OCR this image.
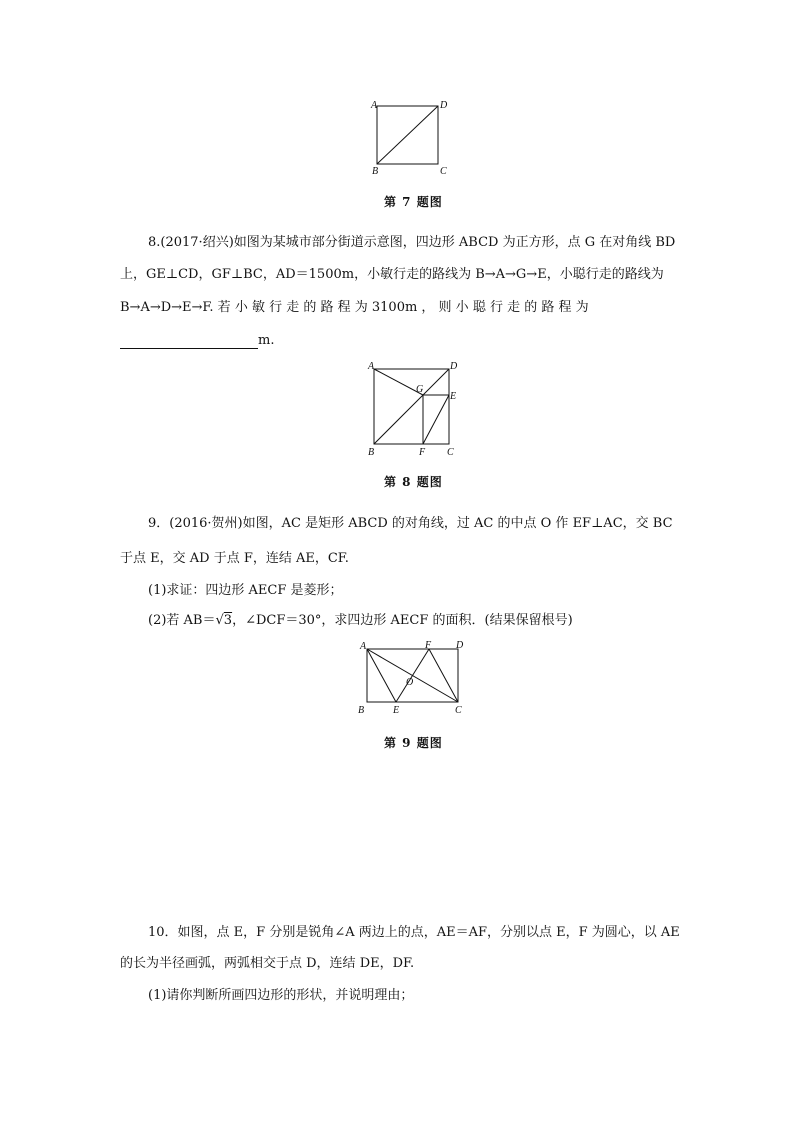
A	D
B	C
第 7 题图
8.(2017·绍兴)如图为某城市部分街道示意图，四边形 ABCD 为正方形，点 G 在对角线 BD
上，GE⊥CD，GF⊥BC，AD＝1500m，小敏行走的路线为 B→A→G→E，小聪行走的路线为
B→A→D→E→F. 若 小 敏 行 走 的 路 程 为 3100m ， 则 小 聪 行 走 的 路 程 为
m.
A	D
G
E
B	F C
第 8 题图
9．(2016·贺州)如图，AC 是矩形 ABCD 的对角线，过 AC 的中点 O 作 EF⊥AC，交 BC
于点 E，交 AD 于点 F，连结 AE，CF.
(1)求证：四边形 AECF 是菱形；
(2)若 AB＝√3，∠DCF＝30°，求四边形 AECF 的面积．(结果保留根号)
A	F D
O
B	E	C
第 9 题图
10．如图，点 E，F 分别是锐角∠A 两边上的点，AE＝AF，分别以点 E，F 为圆心，以 AE
的长为半径画弧，两弧相交于点 D，连结 DE，DF.
(1)请你判断所画四边形的形状，并说明理由；
